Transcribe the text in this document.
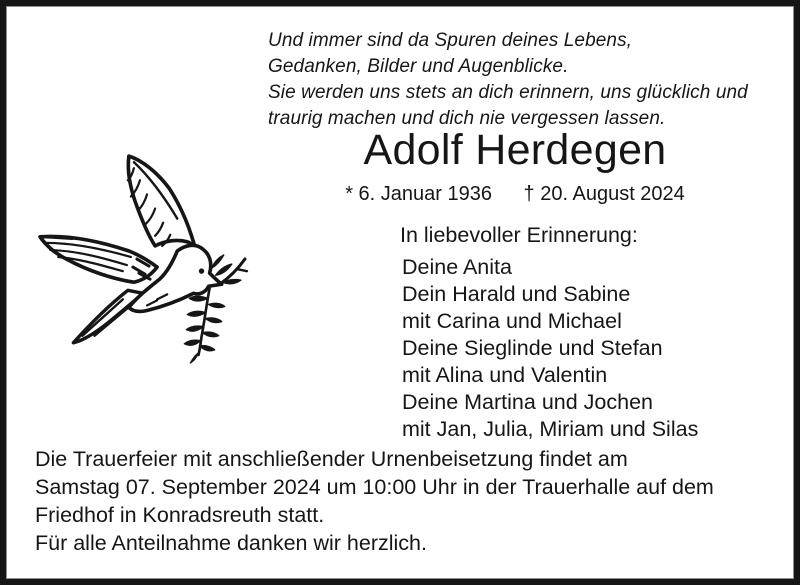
Und immer sind da Spuren deines Lebens,
Gedanken, Bilder und Augenblicke.
Sie werden uns stets an dich erinnern, uns glücklich und
traurig machen und dich nie vergessen lassen.
Adolf Herdegen
* 6. Januar 1936 † 20. August 2024
In liebevoller Erinnerung:
Deine Anita
Dein Harald und Sabine
mit Carina und Michael
Deine Sieglinde und Stefan
mit Alina und Valentin
Deine Martina und Jochen
mit Jan, Julia, Miriam und Silas
Die Trauerfeier mit anschließender Urnenbeisetzung findet am
Samstag 07. September 2024 um 10:00 Uhr in der Trauerhalle auf dem
Friedhof in Konradsreuth statt.
Für alle Anteilnahme danken wir herzlich.
